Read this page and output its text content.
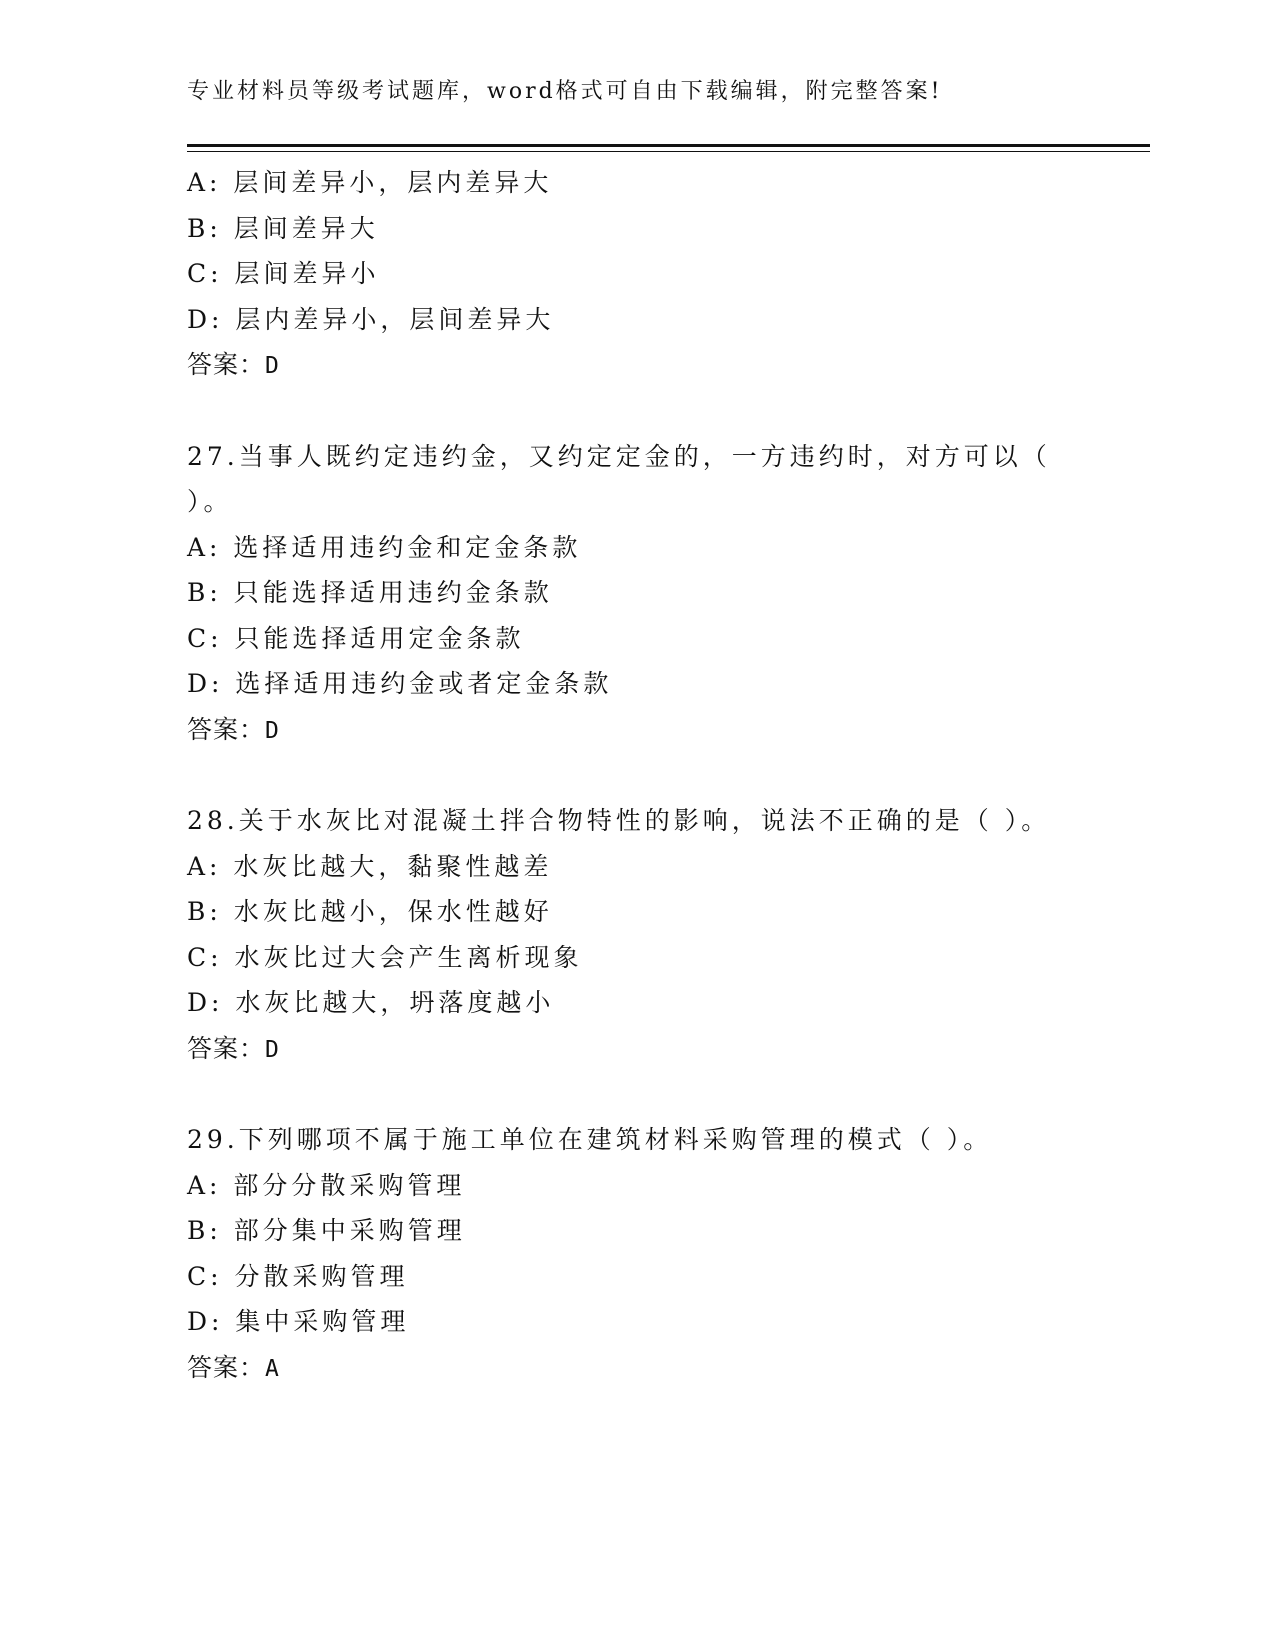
专业材料员等级考试题库，word格式可自由下载编辑，附完整答案!
A: 层间差异小，层内差异大
B: 层间差异大
C: 层间差异小
D: 层内差异小，层间差异大
答案：D
27.当事人既约定违约金，又约定定金的，一方违约时，对方可以（
）。
A: 选择适用违约金和定金条款
B: 只能选择适用违约金条款
C: 只能选择适用定金条款
D: 选择适用违约金或者定金条款
答案：D
28.关于水灰比对混凝土拌合物特性的影响，说法不正确的是（ ）。
A: 水灰比越大，黏聚性越差
B: 水灰比越小，保水性越好
C: 水灰比过大会产生离析现象
D: 水灰比越大，坍落度越小
答案：D
29.下列哪项不属于施工单位在建筑材料采购管理的模式（ ）。
A: 部分分散采购管理
B: 部分集中采购管理
C: 分散采购管理
D: 集中采购管理
答案：A
